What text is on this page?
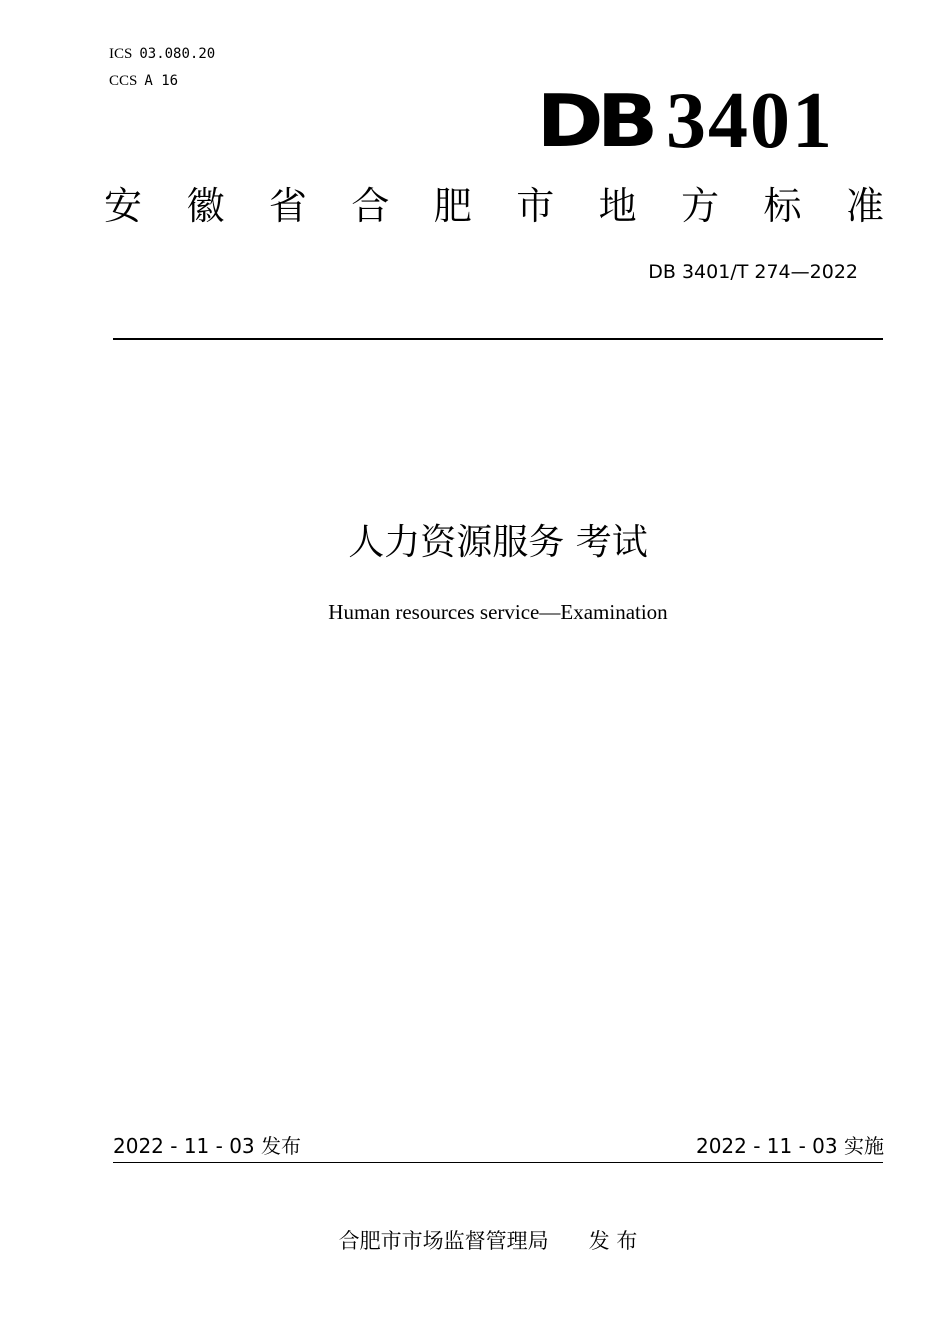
ICS 03.080.20
CCS A 16	DB 3401
安 徽 省 合 肥 市 地 方 标 准
DB 3401/T 274—2022
人力资源服务 考试
Human resources service—Examination
2022 - 11 - 03 发布	2022 - 11 - 03 实施
合肥市市场监督管理局 发 布
